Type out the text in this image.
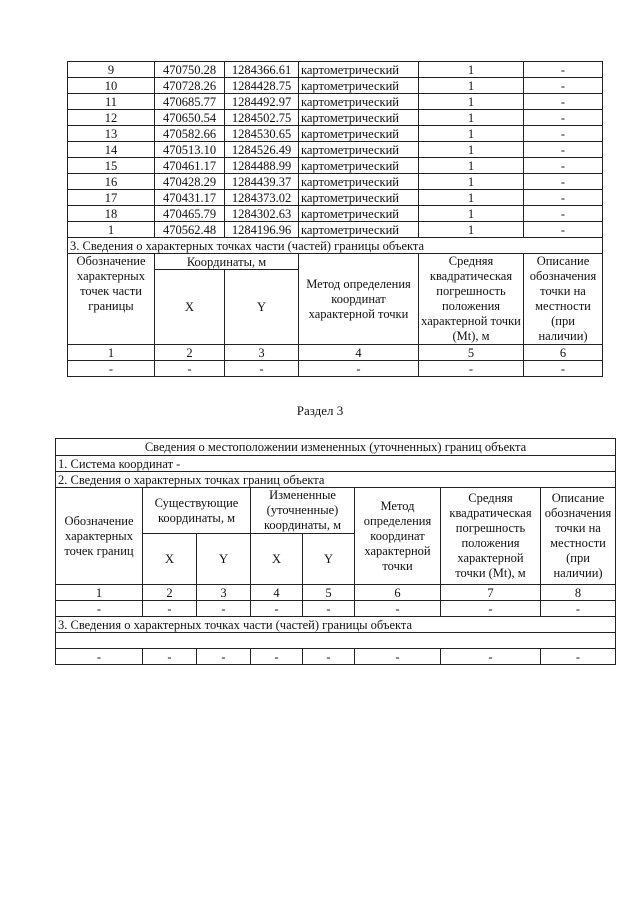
9	470750.28	1284366.61	картометрический	1	-
10	470728.26	1284428.75	картометрический	1	-
11	470685.77	1284492.97	картометрический	1	-
12	470650.54	1284502.75	картометрический	1	-
13	470582.66	1284530.65	картометрический	1	-
14	470513.10	1284526.49	картометрический	1	-
15	470461.17	1284488.99	картометрический	1	-
16	470428.29	1284439.37	картометрический	1	-
17	470431.17	1284373.02	картометрический	1	-
18	470465.79	1284302.63	картометрический	1	-
1	470562.48	1284196.96	картометрический	1	-
3. Сведения о характерных точках части (частей) границы объекта					
Обозначение характерных точек части границы	Координаты, м		Метод определения координат характерной точки	Средняя квадратическая погрешность положения характерной точки (Mt), м	Описание обозначения точки на местности (при наличии)
	X	Y			
1	2	3	4	5	6
-	-	-	-	-	-
Раздел 3
Сведения о местоположении измененных (уточненных) границ объекта							
1. Система координат -							
2. Сведения о характерных точках границ объекта							
Обозначение характерных точек границ	Существующие координаты, м		Измененные (уточненные) координаты, м		Метод определения координат характерной точки	Средняя квадратическая погрешность положения характерной точки (Mt), м	Описание обозначения точки на местности (при наличии)
	X	Y	X	Y			
1	2	3	4	5	6	7	8
-	-	-	-	-	-	-	-
3. Сведения о характерных точках части (частей) границы объекта							

-	-	-	-	-	-	-	-
